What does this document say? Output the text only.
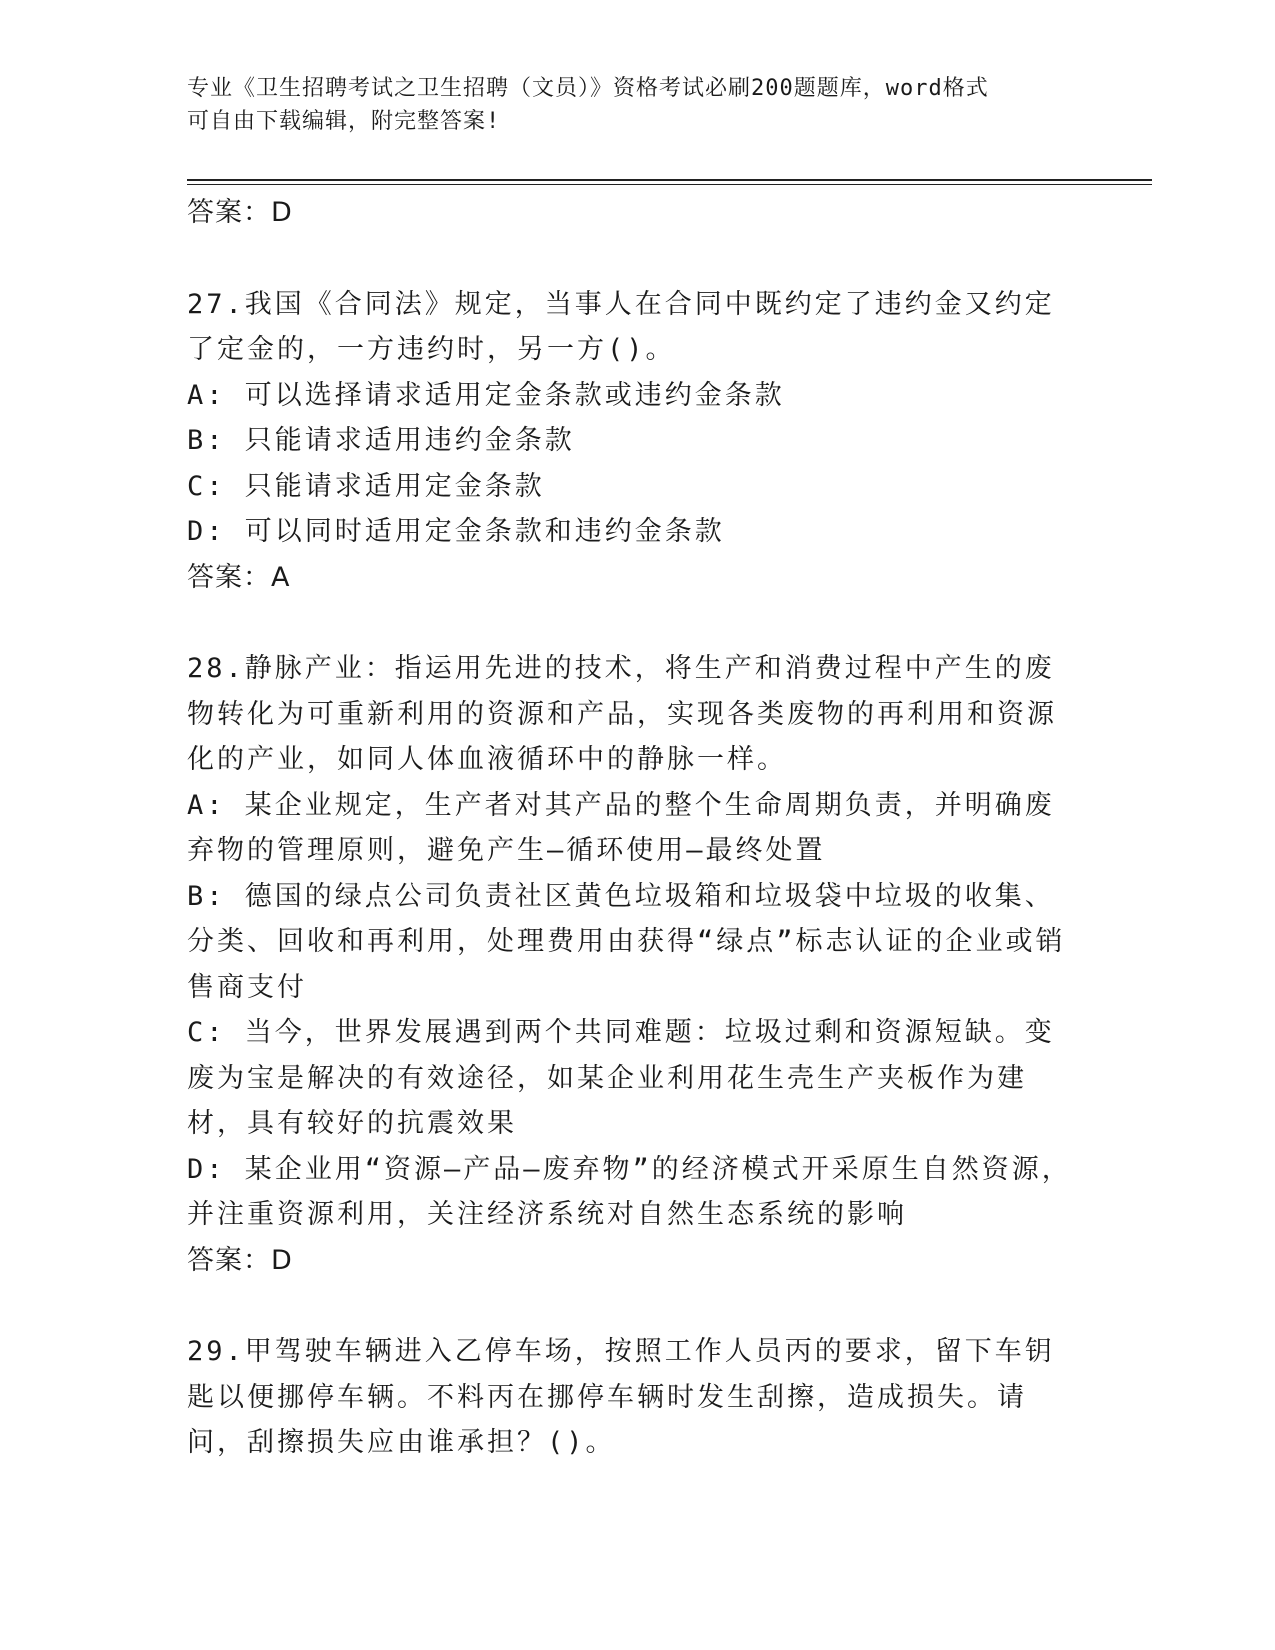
专业《卫生招聘考试之卫生招聘（文员）》资格考试必刷200题题库，word格式

可自由下载编辑，附完整答案!

答案：D

27.我国《合同法》规定，当事人在合同中既约定了违约金又约定了定金的，一方违约时，另一方()。

A: 可以选择请求适用定金条款或违约金条款

B: 只能请求适用违约金条款

C: 只能请求适用定金条款

D: 可以同时适用定金条款和违约金条款

答案：A

28.静脉产业：指运用先进的技术，将生产和消费过程中产生的废物转化为可重新利用的资源和产品，实现各类废物的再利用和资源化的产业，如同人体血液循环中的静脉一样。

A: 某企业规定，生产者对其产品的整个生命周期负责，并明确废弃物的管理原则，避免产生—循环使用—最终处置

B: 德国的绿点公司负责社区黄色垃圾箱和垃圾袋中垃圾的收集、分类、回收和再利用，处理费用由获得“绿点”标志认证的企业或销售商支付

C: 当今，世界发展遇到两个共同难题：垃圾过剩和资源短缺。变废为宝是解决的有效途径，如某企业利用花生壳生产夹板作为建材，具有较好的抗震效果

D: 某企业用“资源—产品—废弃物”的经济模式开采原生自然资源，并注重资源利用，关注经济系统对自然生态系统的影响

答案：D

29.甲驾驶车辆进入乙停车场，按照工作人员丙的要求，留下车钥匙以便挪停车辆。不料丙在挪停车辆时发生刮擦，造成损失。请问，刮擦损失应由谁承担？()。
